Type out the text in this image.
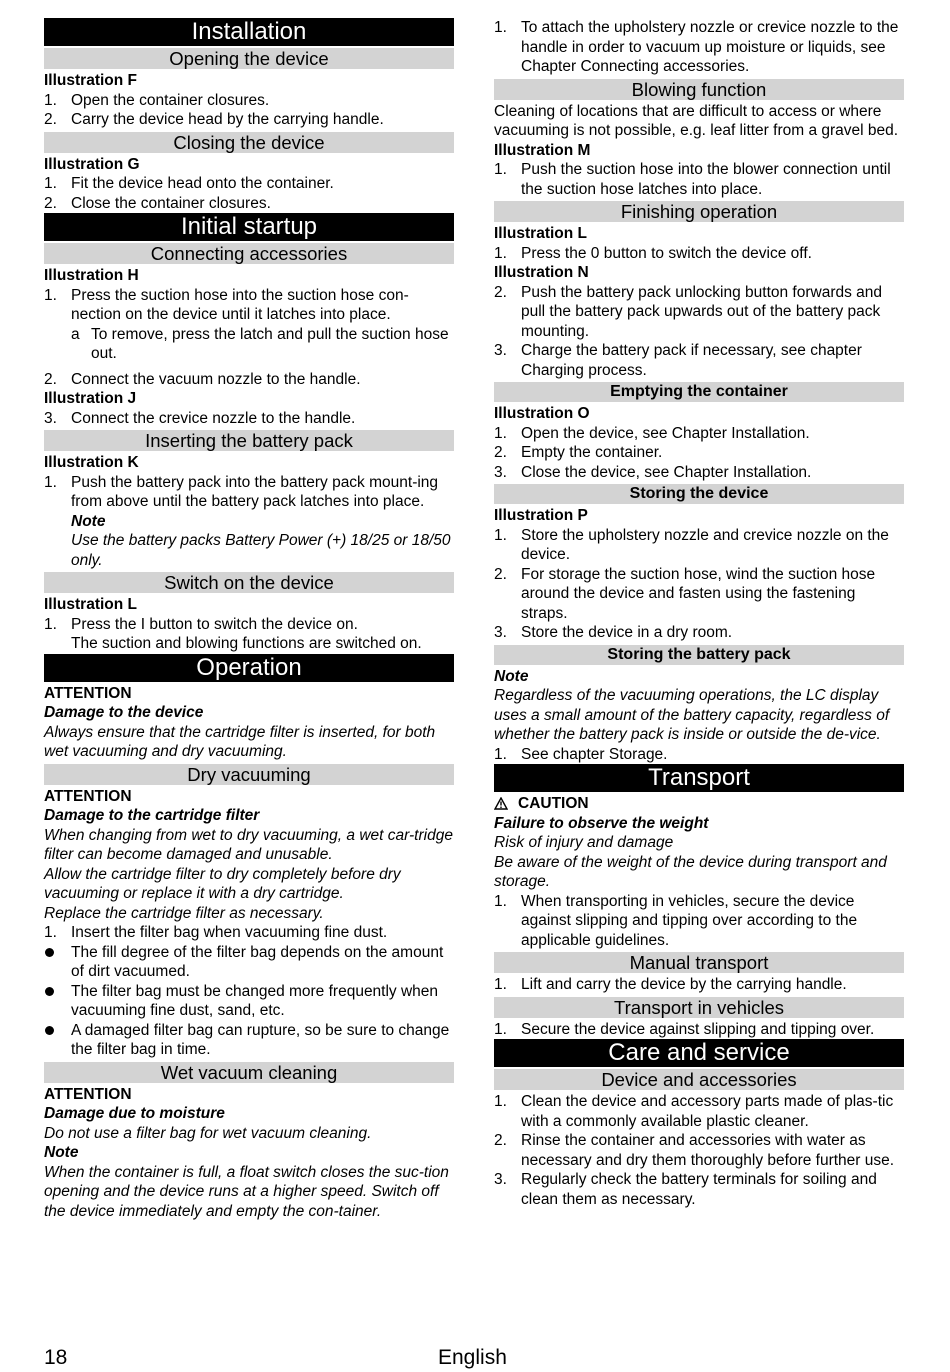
Installation
Opening the device
Illustration F
1. Open the container closures.
2. Carry the device head by the carrying handle.
Closing the device
Illustration G
1. Fit the device head onto the container.
2. Close the container closures.
Initial startup
Connecting accessories
Illustration H
1. Press the suction hose into the suction hose con-nection on the device until it latches into place.
a To remove, press the latch and pull the suction hose out.
2. Connect the vacuum nozzle to the handle.
Illustration J
3. Connect the crevice nozzle to the handle.
Inserting the battery pack
Illustration K
1. Push the battery pack into the battery pack mount-ing from above until the battery pack latches into place.
Note
Use the battery packs Battery Power (+) 18/25 or 18/50 only.
Switch on the device
Illustration L
1. Press the I button to switch the device on.
The suction and blowing functions are switched on.
Operation
ATTENTION
Damage to the device
Always ensure that the cartridge filter is inserted, for both wet vacuuming and dry vacuuming.
Dry vacuuming
ATTENTION
Damage to the cartridge filter
When changing from wet to dry vacuuming, a wet car-tridge filter can become damaged and unusable.
Allow the cartridge filter to dry completely before dry vacuuming or replace it with a dry cartridge.
Replace the cartridge filter as necessary.
1. Insert the filter bag when vacuuming fine dust.
The fill degree of the filter bag depends on the amount of dirt vacuumed.
The filter bag must be changed more frequently when vacuuming fine dust, sand, etc.
A damaged filter bag can rupture, so be sure to change the filter bag in time.
Wet vacuum cleaning
ATTENTION
Damage due to moisture
Do not use a filter bag for wet vacuum cleaning.
Note
When the container is full, a float switch closes the suc-tion opening and the device runs at a higher speed. Switch off the device immediately and empty the con-tainer.
1. To attach the upholstery nozzle or crevice nozzle to the handle in order to vacuum up moisture or liquids, see Chapter Connecting accessories.
Blowing function
Cleaning of locations that are difficult to access or where vacuuming is not possible, e.g. leaf litter from a gravel bed.
Illustration M
1. Push the suction hose into the blower connection until the suction hose latches into place.
Finishing operation
Illustration L
1. Press the 0 button to switch the device off.
Illustration N
2. Push the battery pack unlocking button forwards and pull the battery pack upwards out of the battery pack mounting.
3. Charge the battery pack if necessary, see chapter Charging process.
Emptying the container
Illustration O
1. Open the device, see Chapter Installation.
2. Empty the container.
3. Close the device, see Chapter Installation.
Storing the device
Illustration P
1. Store the upholstery nozzle and crevice nozzle on the device.
2. For storage the suction hose, wind the suction hose around the device and fasten using the fastening straps.
3. Store the device in a dry room.
Storing the battery pack
Note
Regardless of the vacuuming operations, the LC display uses a small amount of the battery capacity, regardless of whether the battery pack is inside or outside the de-vice.
1. See chapter Storage.
Transport
CAUTION
Failure to observe the weight
Risk of injury and damage
Be aware of the weight of the device during transport and storage.
1. When transporting in vehicles, secure the device against slipping and tipping over according to the applicable guidelines.
Manual transport
1. Lift and carry the device by the carrying handle.
Transport in vehicles
1. Secure the device against slipping and tipping over.
Care and service
Device and accessories
1. Clean the device and accessory parts made of plas-tic with a commonly available plastic cleaner.
2. Rinse the container and accessories with water as necessary and dry them thoroughly before further use.
3. Regularly check the battery terminals for soiling and clean them as necessary.
18	English
